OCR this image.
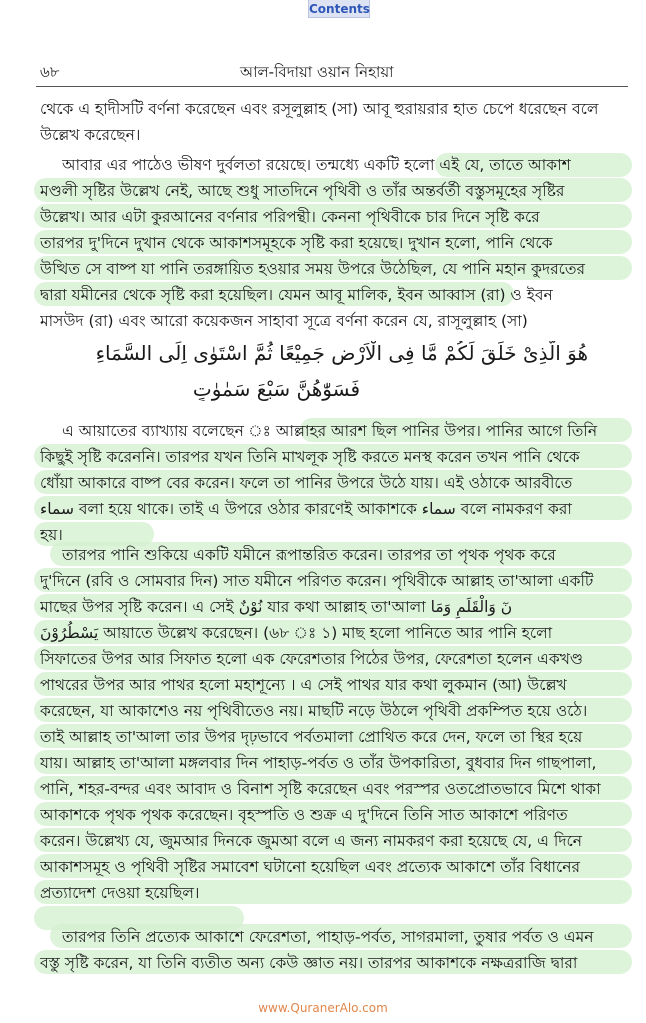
Contents
৬৮	আল-বিদায়া ওয়ান নিহায়া
থেকে এ হাদীসটি বর্ণনা করেছেন এবং রসূলুল্লাহ (সা) আবূ হুরায়রার হাত চেপে ধরেছেন বলে
উল্লেখ করেছেন।
আবার এর পাঠেও ভীষণ দুর্বলতা রয়েছে। তন্মধ্যে একটি হলো এই যে, তাতে আকাশ
মণ্ডলী সৃষ্টির উল্লেখ নেই, আছে শুধু সাতদিনে পৃথিবী ও তাঁর অন্তর্বর্তী বস্তুসমূহের সৃষ্টির
উল্লেখ। আর এটা কুরআনের বর্ণনার পরিপন্থী। কেননা পৃথিবীকে চার দিনে সৃষ্টি করে
তারপর দু'দিনে দুখান থেকে আকাশসমূহকে সৃষ্টি করা হয়েছে। দুখান হলো, পানি থেকে
উত্থিত সে বাষ্প যা পানি তরঙ্গায়িত হওয়ার সময় উপরে উঠেছিল, যে পানি মহান কুদরতের
দ্বারা যমীনের থেকে সৃষ্টি করা হয়েছিল। যেমন আবূ মালিক, ইবন আব্বাস (রা) ও ইবন
মাসউদ (রা) এবং আরো কয়েকজন সাহাবা সূত্রে বর্ণনা করেন যে, রাসূলুল্লাহ (সা)
هُوَ الَّذِىْ خَلَقَ لَكُمْ مَّا فِى الْاَرْضِ جَمِيْعًا ثُمَّ اسْتَوٰى اِلَى السَّمَاءِ
فَسَوّٰهُنَّ سَبْعَ سَمٰوٰتٍ
এ আয়াতের ব্যাখ্যায় বলেছেন ঃ আল্লাহর আরশ ছিল পানির উপর। পানির আগে তিনি
কিছুই সৃষ্টি করেননি। তারপর যখন তিনি মাখলূক সৃষ্টি করতে মনস্থ করেন তখন পানি থেকে
ধোঁয়া আকারে বাষ্প বের করেন। ফলে তা পানির উপরে উঠে যায়। এই ওঠাকে আরবীতে
سماء বলা হয়ে থাকে। তাই এ উপরে ওঠার কারণেই আকাশকে سماء বলে নামকরণ করা
হয়।
তারপর পানি শুকিয়ে একটি যমীনে রূপান্তরিত করেন। তারপর তা পৃথক পৃথক করে
দু'দিনে (রবি ও সোমবার দিন) সাত যমীনে পরিণত করেন। পৃথিবীকে আল্লাহ তা'আলা একটি
মাছের উপর সৃষ্টি করেন। এ সেই نُوْنٌ যার কথা আল্লাহ তা'আলা نٓ وَالْقَلَمِ وَمَا
يَسْطُرُوْنَ আয়াতে উল্লেখ করেছেন। (৬৮ ঃ ১) মাছ হলো পানিতে আর পানি হলো
সিফাতের উপর আর সিফাত হলো এক ফেরেশতার পিঠের উপর, ফেরেশতা হলেন একখণ্ড
পাথরের উপর আর পাথর হলো মহাশূন্যে । এ সেই পাথর যার কথা লুকমান (আ) উল্লেখ
করেছেন, যা আকাশেও নয় পৃথিবীতেও নয়। মাছটি নড়ে উঠলে পৃথিবী প্রকম্পিত হয়ে ওঠে।
তাই আল্লাহ তা'আলা তার উপর দৃঢ়ভাবে পর্বতমালা প্রোথিত করে দেন, ফলে তা স্থির হয়ে
যায়। আল্লাহ তা'আলা মঙ্গলবার দিন পাহাড়-পর্বত ও তাঁর উপকারিতা, বুধবার দিন গাছপালা,
পানি, শহর-বন্দর এবং আবাদ ও বিনাশ সৃষ্টি করেছেন এবং পরস্পর ওতপ্রোতভাবে মিশে থাকা
আকাশকে পৃথক পৃথক করেছেন। বৃহস্পতি ও শুক্র এ দু'দিনে তিনি সাত আকাশে পরিণত
করেন। উল্লেখ্য যে, জুমআর দিনকে জুমআ বলে এ জন্য নামকরণ করা হয়েছে যে, এ দিনে
আকাশসমূহ ও পৃথিবী সৃষ্টির সমাবেশ ঘটানো হয়েছিল এবং প্রত্যেক আকাশে তাঁর বিধানের
প্রত্যাদেশ দেওয়া হয়েছিল।
তারপর তিনি প্রত্যেক আকাশে ফেরেশতা, পাহাড়-পর্বত, সাগরমালা, তুষার পর্বত ও এমন
বস্তু সৃষ্টি করেন, যা তিনি ব্যতীত অন্য কেউ জ্ঞাত নয়। তারপর আকাশকে নক্ষত্ররাজি দ্বারা
www.QuranerAlo.com
